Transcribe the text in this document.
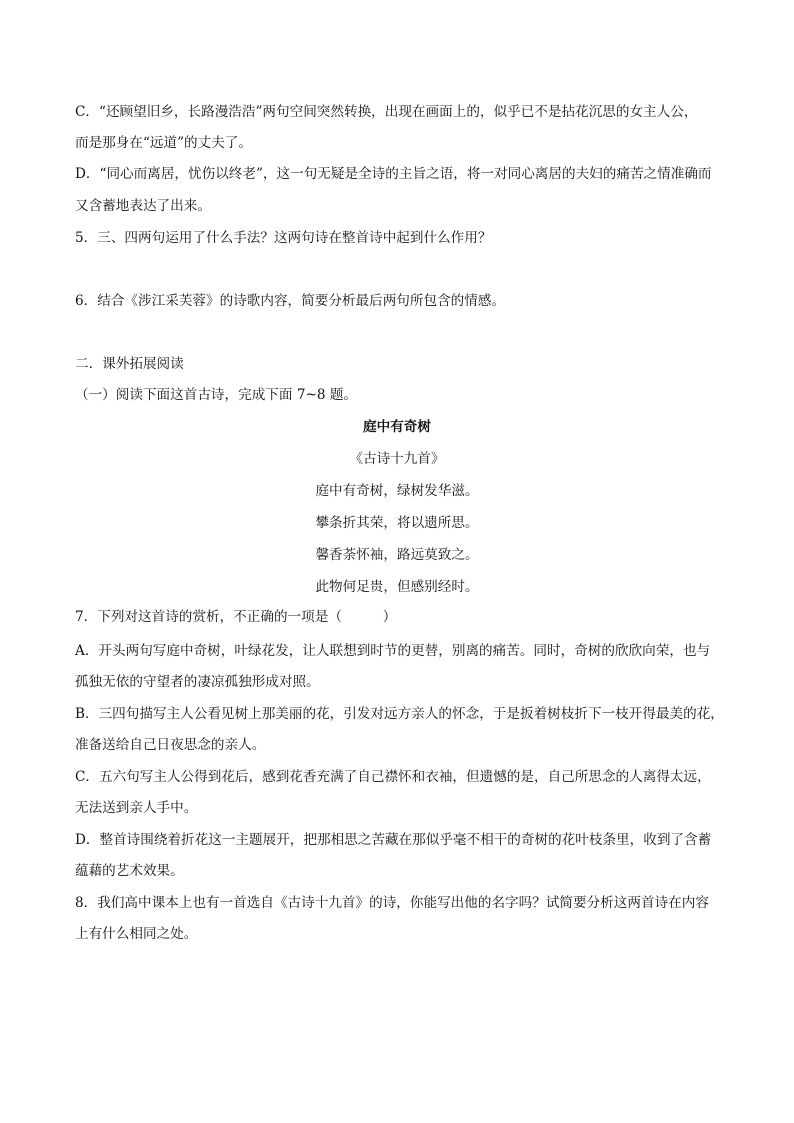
C．“还顾望旧乡，长路漫浩浩”两句空间突然转换，出现在画面上的，似乎已不是拈花沉思的女主人公，
而是那身在“远道”的丈夫了。
D．“同心而离居，忧伤以终老”，这一句无疑是全诗的主旨之语，将一对同心离居的夫妇的痛苦之情准确而
又含蓄地表达了出来。
5．三、四两句运用了什么手法？这两句诗在整首诗中起到什么作用？
6．结合《涉江采芙蓉》的诗歌内容，简要分析最后两句所包含的情感。
二．课外拓展阅读
（一）阅读下面这首古诗，完成下面 7~8 题。
庭中有奇树
《古诗十九首》
庭中有奇树，绿树发华滋。
攀条折其荣，将以遗所思。
馨香荼怀袖，路远莫致之。
此物何足贵，但感别经时。
7．下列对这首诗的赏析，不正确的一项是（　　　）
A．开头两句写庭中奇树，叶绿花发，让人联想到时节的更替，别离的痛苦。同时，奇树的欣欣向荣，也与
孤独无依的守望者的凄凉孤独形成对照。
B．三四句描写主人公看见树上那美丽的花，引发对远方亲人的怀念，于是扳着树枝折下一枝开得最美的花，
准备送给自己日夜思念的亲人。
C．五六句写主人公得到花后，感到花香充满了自己襟怀和衣袖，但遗憾的是，自己所思念的人离得太远，
无法送到亲人手中。
D．整首诗围绕着折花这一主题展开，把那相思之苦藏在那似乎毫不相干的奇树的花叶枝条里，收到了含蓄
蕴藉的艺术效果。
8．我们高中课本上也有一首选自《古诗十九首》的诗，你能写出他的名字吗？试简要分析这两首诗在内容
上有什么相同之处。
